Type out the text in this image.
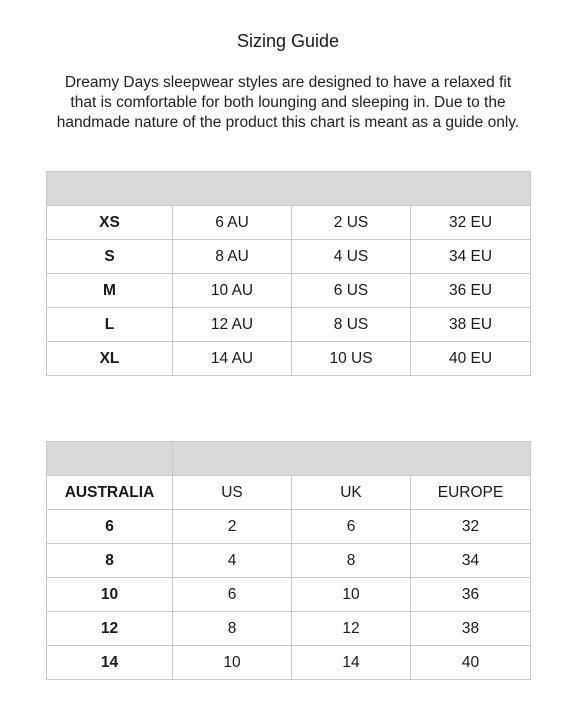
Sizing Guide
Dreamy Days sleepwear styles are designed to have a relaxed fit
that is comfortable for both lounging and sleeping in. Due to the
handmade nature of the product this chart is meant as a guide only.

XS	6 AU	2 US	32 EU
S	8 AU	4 US	34 EU
M	10 AU	6 US	36 EU
L	12 AU	8 US	38 EU
XL	14 AU	10 US	40 EU

AUSTRALIA	US	UK	EUROPE
6	2	6	32
8	4	8	34
10	6	10	36
12	8	12	38
14	10	14	40
